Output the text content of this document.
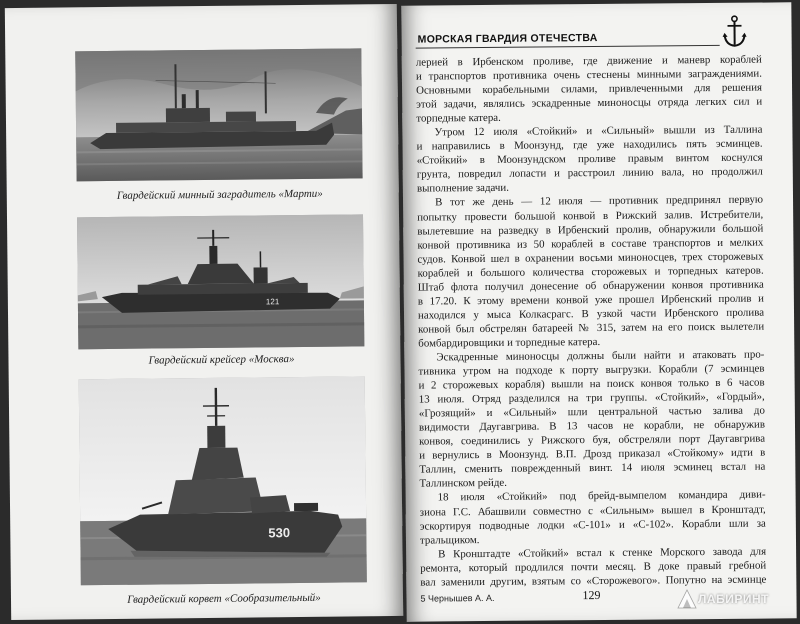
Гвардейский минный заградитель «Марти»
121
Гвардейский крейсер «Москва»
530
Гвардейский корвет «Сообразительный»
МОРСКАЯ ГВАРДИЯ ОТЕЧЕСТВА
лерией в Ирбенском проливе, где движение и маневр кораблей
и транспортов противника очень стеснены минными заграждениями.
Основными корабельными силами, привлеченными для решения
этой задачи, являлись эскадренные миноносцы отряда легких сил и
торпедные катера.
Утром 12 июля «Стойкий» и «Сильный» вышли из Таллина
и направились в Моонзунд, где уже находились пять эсминцев.
«Стойкий» в Моонзундском проливе правым винтом коснулся
грунта, повредил лопасти и расстроил линию вала, но продолжил
выполнение задачи.
В тот же день — 12 июля — противник предпринял первую
попытку провести большой конвой в Рижский залив. Истребители,
вылетевшие на разведку в Ирбенский пролив, обнаружили большой
конвой противника из 50 кораблей в составе транспортов и мелких
судов. Конвой шел в охранении восьми миноносцев, трех сторожевых
кораблей и большого количества сторожевых и торпедных катеров.
Штаб флота получил донесение об обнаружении конвоя противника
в 17.20. К этому времени конвой уже прошел Ирбенский пролив и
находился у мыса Колкасрагс. В узкой части Ирбенского пролива
конвой был обстрелян батареей № 315, затем на его поиск вылетели
бомбардировщики и торпедные катера.
Эскадренные миноносцы должны были найти и атаковать про-
тивника утром на подходе к порту выгрузки. Корабли (7 эсминцев
и 2 сторожевых корабля) вышли на поиск конвоя только в 6 часов
13 июля. Отряд разделился на три группы. «Стойкий», «Гордый»,
«Грозящий» и «Сильный» шли центральной частью залива до
видимости Даугавгрива. В 13 часов не корабли, не обнаружив
конвоя, соединились у Рижского буя, обстреляли порт Даугавгрива
и вернулись в Моонзунд. В.П. Дрозд приказал «Стойкому» идти в
Таллин, сменить поврежденный винт. 14 июля эсминец встал на
Таллинском рейде.
18 июля «Стойкий» под брейд-вымпелом командира диви-
зиона Г.С. Абашвили совместно с «Сильным» вышел в Кронштадт,
эскортируя подводные лодки «С-101» и «С-102». Корабли шли за
тральщиком.
В Кронштадте «Стойкий» встал к стенке Морского завода для
ремонта, который продлился почти месяц. В доке правый гребной
вал заменили другим, взятым со «Сторожевого». Попутно на эсминце
5 Чернышев А. А.	129	ЛАБИРИНТ
